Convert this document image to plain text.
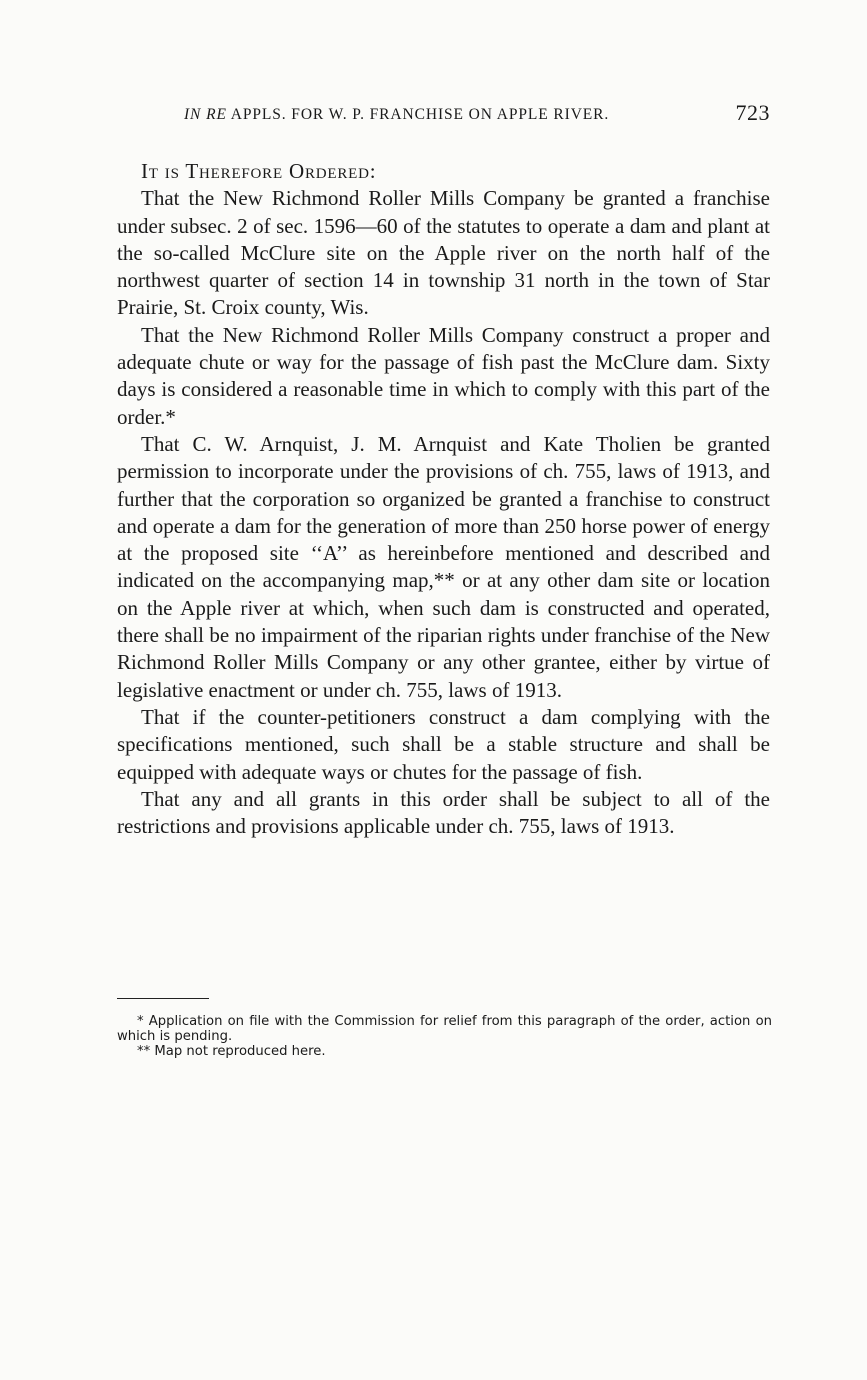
IN RE APPLS. FOR W. P. FRANCHISE ON APPLE RIVER.	723

It is Therefore Ordered:

That the New Richmond Roller Mills Company be granted a franchise under subsec. 2 of sec. 1596—60 of the statutes to operate a dam and plant at the so-called McClure site on the Apple river on the north half of the northwest quarter of section 14 in township 31 north in the town of Star Prairie, St. Croix county, Wis.

That the New Richmond Roller Mills Company construct a proper and adequate chute or way for the passage of fish past the McClure dam. Sixty days is considered a reasonable time in which to comply with this part of the order.*

That C. W. Arnquist, J. M. Arnquist and Kate Tholien be granted permission to incorporate under the provisions of ch. 755, laws of 1913, and further that the corporation so organized be granted a franchise to construct and operate a dam for the generation of more than 250 horse power of energy at the proposed site ‘‘A’’ as hereinbefore mentioned and described and indicated on the accompanying map,** or at any other dam site or location on the Apple river at which, when such dam is constructed and operated, there shall be no impairment of the riparian rights under franchise of the New Richmond Roller Mills Company or any other grantee, either by virtue of legislative enactment or under ch. 755, laws of 1913.

That if the counter-petitioners construct a dam complying with the specifications mentioned, such shall be a stable structure and shall be equipped with adequate ways or chutes for the passage of fish.

That any and all grants in this order shall be subject to all of the restrictions and provisions applicable under ch. 755, laws of 1913.

* Application on file with the Commission for relief from this paragraph of the order, action on which is pending.

** Map not reproduced here.
